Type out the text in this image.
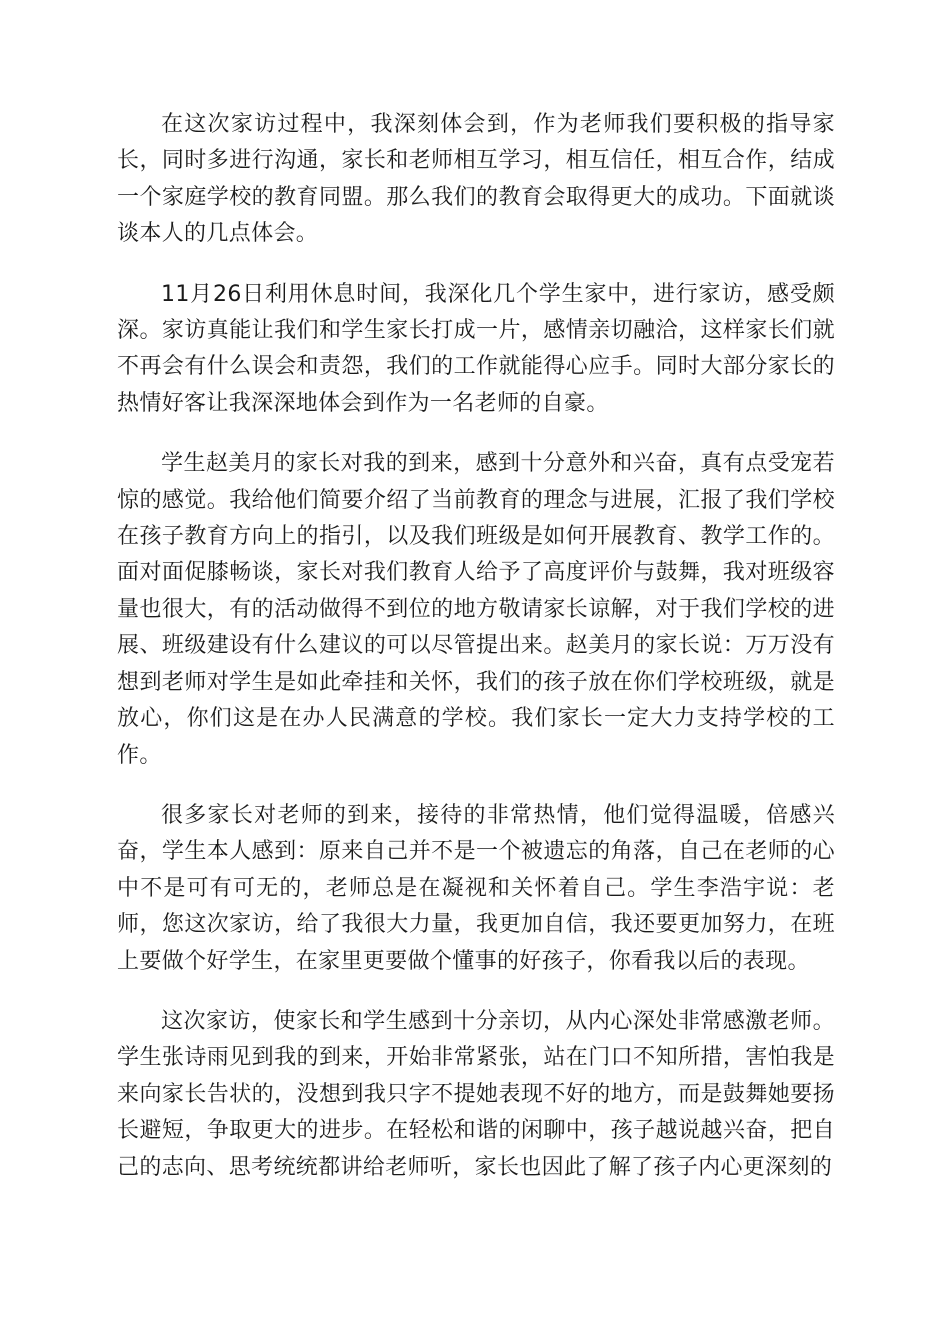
在这次家访过程中，我深刻体会到，作为老师我们要积极的指导家长，同时多进行沟通，家长和老师相互学习，相互信任，相互合作，结成一个家庭学校的教育同盟。那么我们的教育会取得更大的成功。下面就谈谈本人的几点体会。

11月26日利用休息时间，我深化几个学生家中，进行家访，感受颇深。家访真能让我们和学生家长打成一片，感情亲切融洽，这样家长们就不再会有什么误会和责怨，我们的工作就能得心应手。同时大部分家长的热情好客让我深深地体会到作为一名老师的自豪。

学生赵美月的家长对我的到来，感到十分意外和兴奋，真有点受宠若惊的感觉。我给他们简要介绍了当前教育的理念与进展，汇报了我们学校在孩子教育方向上的指引，以及我们班级是如何开展教育、教学工作的。面对面促膝畅谈，家长对我们教育人给予了高度评价与鼓舞，我对班级容量也很大，有的活动做得不到位的地方敬请家长谅解，对于我们学校的进展、班级建设有什么建议的可以尽管提出来。赵美月的家长说：万万没有想到老师对学生是如此牵挂和关怀，我们的孩子放在你们学校班级，就是放心，你们这是在办人民满意的学校。我们家长一定大力支持学校的工作。

很多家长对老师的到来，接待的非常热情，他们觉得温暖，倍感兴奋，学生本人感到：原来自己并不是一个被遗忘的角落，自己在老师的心中不是可有可无的，老师总是在凝视和关怀着自己。学生李浩宇说：老师，您这次家访，给了我很大力量，我更加自信，我还要更加努力，在班上要做个好学生，在家里更要做个懂事的好孩子，你看我以后的表现。

这次家访，使家长和学生感到十分亲切，从内心深处非常感激老师。学生张诗雨见到我的到来，开始非常紧张，站在门口不知所措，害怕我是来向家长告状的，没想到我只字不提她表现不好的地方，而是鼓舞她要扬长避短，争取更大的进步。在轻松和谐的闲聊中，孩子越说越兴奋，把自己的志向、思考统统都讲给老师听，家长也因此了解了孩子内心更深刻的
